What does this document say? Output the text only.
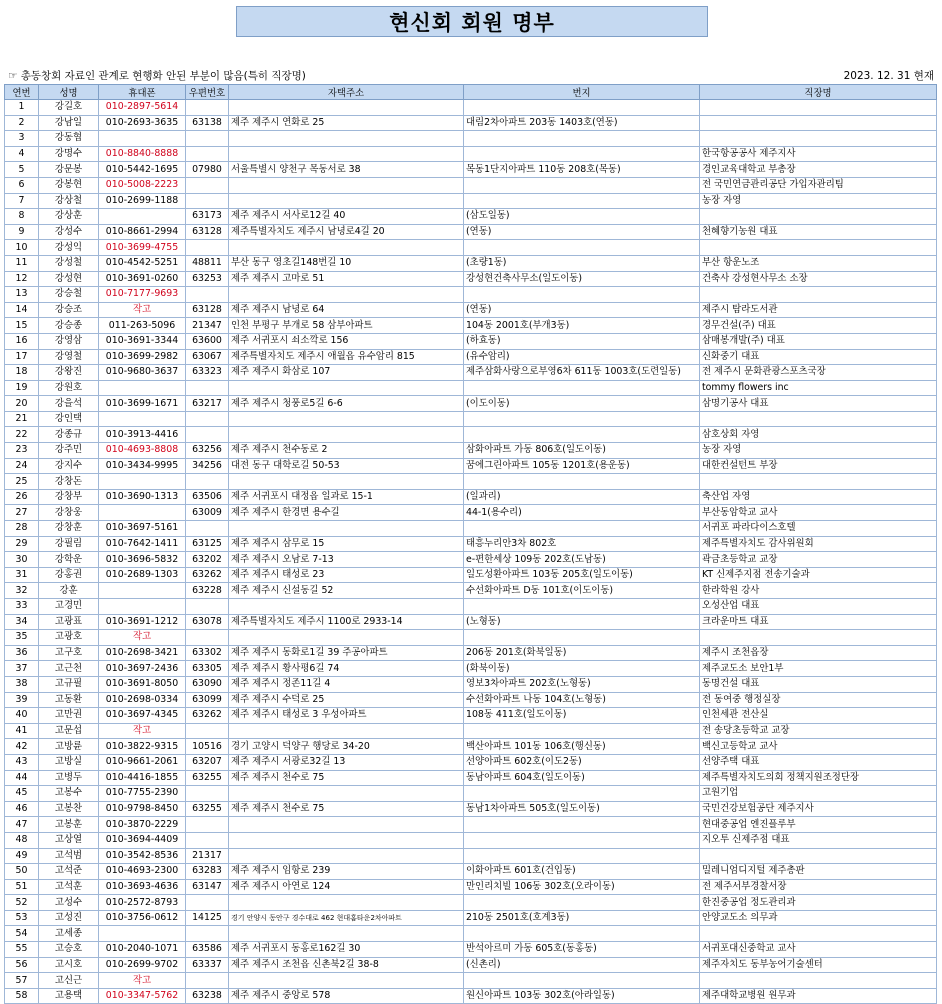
현신회 회원 명부
☞ 총동창회 자료인 관계로 현행화 안된 부분이 많음(특히 직장명)	2023. 12. 31 현재
연번	성명	휴대폰	우편번호	자택주소	번지	직장명
1	강길호	010-2897-5614				
2	강남일	010-2693-3635	63138	제주 제주시 연화로 25	대림2차아파트 203동 1403호(연동)	
3	강동협					
4	강명수	010-8840-8888				한국항공공사 제주지사
5	강문봉	010-5442-1695	07980	서울특별시 양천구 목동서로 38	목동1단지아파트 110동 208호(목동)	경인교육대학교 부총장
6	강봉현	010-5008-2223				전 국민연금관리공단 가입자관리팀
7	강상철	010-2699-1188				농장 자영
8	강상훈		63173	제주 제주시 서사로12길 40	(삼도일동)	
9	강성수	010-8661-2994	63128	제주특별자치도 제주시 남녕로4길 20	(연동)	천혜향기농원 대표
10	강성익	010-3699-4755				
11	강성철	010-4542-5251	48811	부산 동구 영초길148번길 10	(초량1동)	부산 항운노조
12	강성현	010-3691-0260	63253	제주 제주시 고마로 51	강성현건축사무소(일도이동)	건축사 강성현사무소 소장
13	강승철	010-7177-9693				
14	강승조	작고	63128	제주 제주시 남녕로 64	(연동)	제주시 탐라도서관
15	강승종	011-263-5096	21347	인천 부평구 부개로 58 삼부아파트	104동 2001호(부개3동)	경무건설(주) 대표
16	강영삼	010-3691-3344	63600	제주 서귀포시 쇠소깍로 156	(하효동)	삼매봉개발(주) 대표
17	강영철	010-3699-2982	63067	제주특별자치도 제주시 애월읍 유수암리 815	(유수암리)	신화중기 대표
18	강왕진	010-9680-3637	63323	제주 제주시 화삼로 107	제주삼화사랑으로부영6차 611동 1003호(도련일동)	전 제주시 문화관광스포츠국장
19	강원호					tommy flowers inc
20	강을석	010-3699-1671	63217	제주 제주시 청풍로5길 6-6	(이도이동)	삼명기공사 대표
21	강인택					
22	강종규	010-3913-4416				삼호상회 자영
23	강주민	010-4693-8808	63256	제주 제주시 천수동로 2	삼화아파트 가동 806호(일도이동)	농장 자영
24	강지수	010-3434-9995	34256	대전 동구 대학로길 50-53	꿈에그린아파트 105동 1201호(용운동)	대한컨설턴트 부장
25	강창돈					
26	강창부	010-3690-1313	63506	제주 서귀포시 대정읍 일과로 15-1	(일과리)	축산업 자영
27	강창웅		63009	제주 제주시 한경면 용수길	44-1(용수리)	부산동암학교 교사
28	강창훈	010-3697-5161				서귀포 파라다이스호텔
29	강필림	010-7642-1411	63125	제주 제주시 삼무로 15	태흥누리안3차 802호	제주특별자치도 감사위원회
30	강학운	010-3696-5832	63202	제주 제주시 오남로 7-13	e-편한세상 109동 202호(도남동)	곽금초등학교 교장
31	강홍권	010-2689-1303	63262	제주 제주시 태성로 23	일도성환아파트 103동 205호(일도이동)	KT 신제주지점 전송기술과
32	강훈		63228	제주 제주시 신설동길 52	수선화아파트 D동 101호(이도이동)	한라학원 강사
33	고경민					오성산업 대표
34	고광표	010-3691-1212	63078	제주특별자치도 제주시 1100로 2933-14	(노형동)	크라운마트 대표
35	고광호	작고				
36	고구호	010-2698-3421	63302	제주 제주시 동화로1길 39 주공아파트	206동 201호(화북일동)	제주시 조천읍장
37	고근천	010-3697-2436	63305	제주 제주시 황사평6길 74	(화북이동)	제주교도소 보안1부
38	고규필	010-3691-8050	63090	제주 제주시 정존11길 4	영보3차아파트 202호(노형동)	동명건설 대표
39	고동환	010-2698-0334	63099	제주 제주시 수덕로 25	수선화아파트 나동 104호(노형동)	전 동여중 행정실장
40	고만권	010-3697-4345	63262	제주 제주시 태성로 3 우성아파트	108동 411호(일도이동)	인천세관 전산실
41	고문섭	작고				전 송당초등학교 교장
42	고방륜	010-3822-9315	10516	경기 고양시 덕양구 행당로 34-20	백산아파트 101동 106호(행신동)	백신고등학교 교사
43	고방실	010-9661-2061	63207	제주 제주시 서광로32길 13	선양아파트 602호(이도2동)	선양주택 대표
44	고병두	010-4416-1855	63255	제주 제주시 천수로 75	동남아파트 604호(일도이동)	제주특별자치도의회 정책지원조정단장
45	고봉수	010-7755-2390				고원기업
46	고봉찬	010-9798-8450	63255	제주 제주시 천수로 75	동남1차아파트 505호(일도이동)	국민건강보험공단 제주지사
47	고봉훈	010-3870-2229				현대중공업 엔진플루부
48	고상열	010-3694-4409				지오투 신제주점 대표
49	고석범	010-3542-8536	21317			
50	고석준	010-4693-2300	63283	제주 제주시 임항로 239	이화아파트 601호(건입동)	밀레니엄디지털 제주총판
51	고석훈	010-3693-4636	63147	제주 제주시 아연로 124	만인리치빌 106동 302호(오라이동)	전 제주서부경찰서장
52	고성수	010-2572-8793				한진중공업 정도관리과
53	고성진	010-3756-0612	14125	경기 안양시 동안구 경수대로 462 현대홈타운2차아파트	210동 2501호(호계3동)	안양교도소 의무과
54	고세종					
55	고승호	010-2040-1071	63586	제주 서귀포시 동홍로162길 30	반석아르미 가동 605호(동홍동)	서귀포대신중학교 교사
56	고시호	010-2699-9702	63337	제주 제주시 조천읍 신촌북2길 38-8	(신촌리)	제주자치도 동부농어기술센터
57	고신근	작고				
58	고용택	010-3347-5762	63238	제주 제주시 중앙로 578	원신아파트 103동 302호(아라일동)	제주대학교병원 원무과
